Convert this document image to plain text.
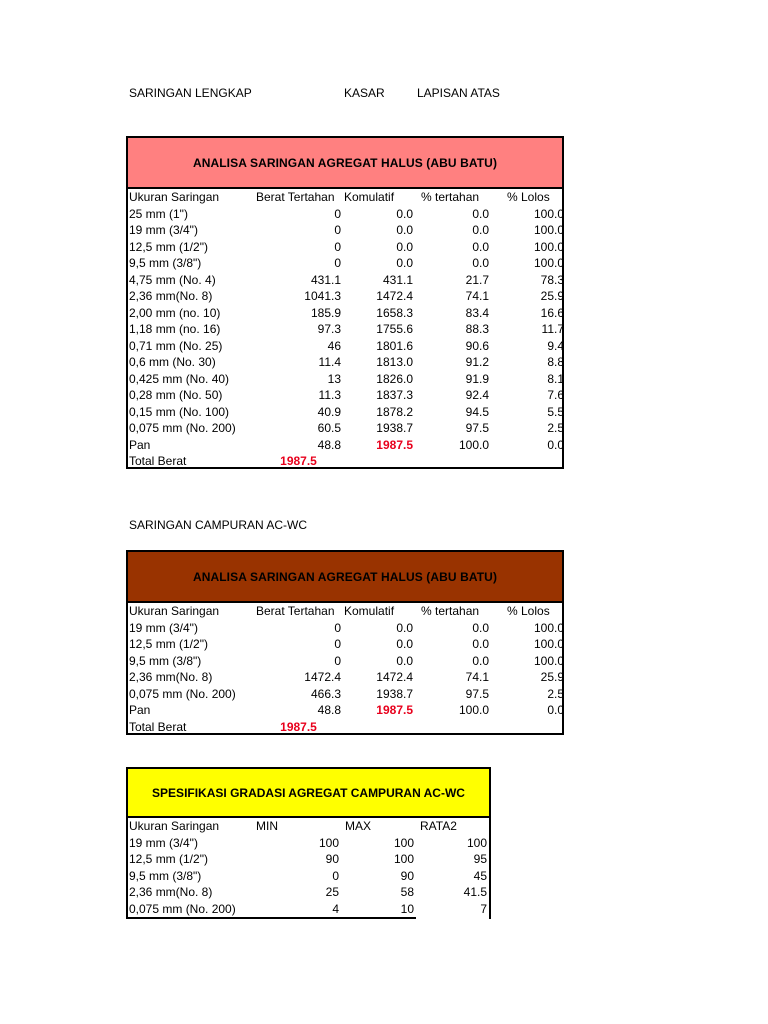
SARINGAN LENGKAP	KASAR	LAPISAN ATAS
ANALISA SARINGAN AGREGAT HALUS (ABU BATU)
Ukuran Saringan	Berat Tertahan	Komulatif	% tertahan	% Lolos
25 mm (1")	0	0.0	0.0	100.0
19 mm (3/4")	0	0.0	0.0	100.0
12,5 mm (1/2")	0	0.0	0.0	100.0
9,5 mm (3/8")	0	0.0	0.0	100.0
4,75 mm (No. 4)	431.1	431.1	21.7	78.3
2,36 mm(No. 8)	1041.3	1472.4	74.1	25.9
2,00 mm (no. 10)	185.9	1658.3	83.4	16.6
1,18 mm (no. 16)	97.3	1755.6	88.3	11.7
0,71 mm (No. 25)	46	1801.6	90.6	9.4
0,6 mm (No. 30)	11.4	1813.0	91.2	8.8
0,425 mm (No. 40)	13	1826.0	91.9	8.1
0,28 mm (No. 50)	11.3	1837.3	92.4	7.6
0,15 mm (No. 100)	40.9	1878.2	94.5	5.5
0,075 mm (No. 200)	60.5	1938.7	97.5	2.5
Pan	48.8	1987.5	100.0	0.0
Total Berat	1987.5			
SARINGAN CAMPURAN AC-WC
ANALISA SARINGAN AGREGAT HALUS (ABU BATU)
Ukuran Saringan	Berat Tertahan	Komulatif	% tertahan	% Lolos
19 mm (3/4")	0	0.0	0.0	100.0
12,5 mm (1/2")	0	0.0	0.0	100.0
9,5 mm (3/8")	0	0.0	0.0	100.0
2,36 mm(No. 8)	1472.4	1472.4	74.1	25.9
0,075 mm (No. 200)	466.3	1938.7	97.5	2.5
Pan	48.8	1987.5	100.0	0.0
Total Berat	1987.5			
SPESIFIKASI GRADASI AGREGAT CAMPURAN AC-WC
Ukuran Saringan	MIN	MAX	RATA2
19 mm (3/4")	100	100	100
12,5 mm (1/2")	90	100	95
9,5 mm (3/8")	0	90	45
2,36 mm(No. 8)	25	58	41.5
0,075 mm (No. 200)	4	10	7
